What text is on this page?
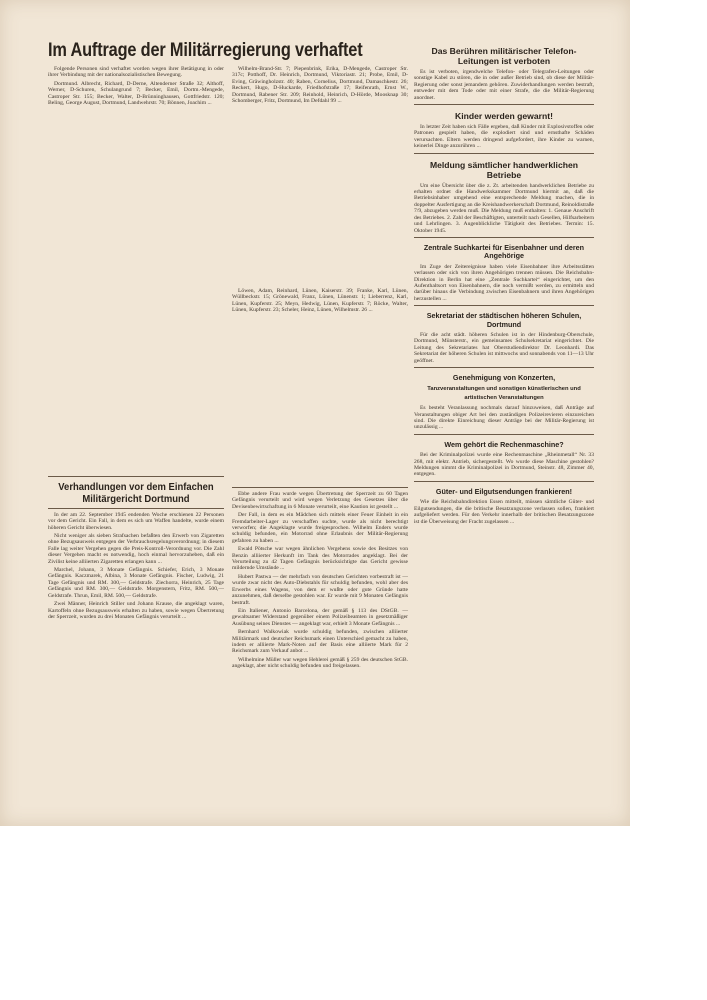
Im Auftrage der Militärregierung verhaftet

Folgende Personen sind verhaftet worden wegen ihrer Betätigung in oder ihrer Verbindung mit der nationalsozialistischen Bewegung.

Dortmund. Albrecht, Richard, D-Derne, Altenderner Straße 32; Althoff, Werner, D-Schuren, Schulangrund 7; Becker, Emil, Dortm.-Mengede, Castroper Str. 155; Becker, Walter, D-Brünninghausen, Gottfriedstr. 120; Beling, George August, Dortmund, Landwehrstr. 70; Bönnen, Joachim ...

Verhandlungen vor dem Einfachen Militärgericht Dortmund

In der am 22. September 1945 endenden Woche erschienen 22 Personen vor dem Gericht. Ein Fall, in dem es sich um Waffen handelte, wurde einem höheren Gericht überwiesen.

Nicht weniger als sieben Strafsachen befaßten den Erwerb von Zigaretten ohne Bezugsausweis entgegen der Verbrauchsregelungsverordnung; in diesem Falle lag weiter Vergehen gegen die Preis-Kontroll-Verordnung vor. Die Zahl dieser Vergehen macht es notwendig, hoch einmal hervorzuheben, daß ein Zivilist keine alliierten Zigaretten erlangen kann ...

Marchel, Johann, 3 Monate Gefängnis. Schiefer, Erich, 3 Monate Gefängnis. Kaczmarek, Albina, 3 Monate Gefängnis. Fischer, Ludwig, 21 Tage Gefängnis und RM. 300,— Geldstrafe. Ziechorra, Heinrich, 25 Tage Gefängnis und RM. 300,— Geldstrafe. Morgenstern, Fritz, RM. 500,— Geldstrafe. Thrun, Emil, RM. 500,— Geldstrafe.

Zwei Männer, Heinrich Stiller und Johann Krause, die angeklagt waren, Kartoffeln ohne Bezugsausweis erhalten zu haben, sowie wegen Übertretung der Sperrzeit, wurden zu drei Monaten Gefängnis verurteilt ...

Wilhelm-Brand-Str. 7; Piepenbrink, Erika, D-Mengede, Castroper Str. 317c; Potthoff, Dr. Heinrich, Dortmund, Viktoriastr. 21; Probe, Emil, D-Eving, Gräwingholzstr. 40; Raben, Cornelius, Dortmund, Damaschkestr. 26; Reckert, Hugo, D-Huckarde, Friedhofstraße 17; Reifenrath, Ernst W., Dortmund, Rabener Str. 209; Reinhold, Heinrich, D-Hörde, Moosknap 30; Schomberger, Fritz, Dortmund, Im Defdahl 99 ...

Löwen, Adam, Reinhard, Lünen, Kaiserstr. 39; Franke, Karl, Lünen, Wüllbeckstr. 15; Grönewald, Franz, Lünen, Lünenstr. 1; Lieberrenz, Karl, Lünen, Kupferstr. 25; Meyn, Hedwig, Lünen, Kupferstr. 7; Röcke, Walter, Lünen, Kupferstr. 23; Scheler, Heinz, Lünen, Wilhelmstr. 26 ...

Ebbe andere Frau wurde wegen Übertretung der Sperrzeit zu 60 Tagen Gefängnis verurteilt und wird wegen Verletzung des Gesetzes über die Devisenbewirtschaftung in 6 Monate verurteilt, eine Kaution ist gestellt ...

Der Fall, in dem es ein Mädchen sich mittels einer Feuer Einheit in ein Fremdarbeiter-Lager zu verschaffen suchte, wurde als nicht berechtigt verworfen; die Angeklagte wurde freigesprochen. Wilhelm Enders wurde schuldig befunden, ein Motorrad ohne Erlaubnis der Militär-Regierung gefahren zu haben ...

Ewald Pötsche war wegen ähnlichen Vergehens sowie des Besitzes von Benzin alliierter Herkunft im Tank des Motorrades angeklagt. Bei der Verurteilung zu 42 Tagen Gefängnis berücksichtigte das Gericht gewisse mildernde Umstände ...

Hubert Pastwa — der mehrfach von deutschen Gerichten vorbestraft ist — wurde zwar nicht des Auto-Diebstahls für schuldig befunden, wohl aber des Erwerbs eines Wagens, von dem er wußte oder gute Gründe hatte anzunehmen, daß derselbe gestohlen war. Er wurde mit 9 Monaten Gefängnis bestraft.

Ein Italiener, Antonio Barcelona, der gemäß § 113 des DStGB. — gewaltsamer Widerstand gegenüber einem Polizeibeamten in gesetzmäßiger Ausübung seines Dienstes — angeklagt war, erhielt 3 Monate Gefängnis ...

Bernhard Walkowiak wurde schuldig befunden, zwischen alliierter Militärmark und deutscher Reichsmark einen Unterschied gemacht zu haben, indem er alliierte Mark-Noten auf der Basis eine alliierte Mark für 2 Reichsmark zum Verkauf anbot ...

Wilhelmine Müller war wegen Hehlerei gemäß § 259 des deutschen StGB. angeklagt, aber nicht schuldig befunden und freigelassen.

Das Berühren militärischer Telefon-Leitungen ist verboten

Es ist verboten, irgendwelche Telefon- oder Telegrafen-Leitungen oder sonstige Kabel zu stören, die in oder außer Betrieb sind, ob diese der Militär-Regierung oder sonst jemandem gehören. Zuwiderhandlungen werden bestraft, entweder mit dem Tode oder mit einer Strafe, die die Militär-Regierung anordnet.

Kinder werden gewarnt!

In letzter Zeit haben sich Fälle ergeben, daß Kinder mit Explosivstoffen oder Patronen gespielt haben, die explodiert sind und ernsthafte Schäden verursachten. Eltern werden dringend aufgefordert, ihre Kinder zu warnen, keinerlei Dinge anzurühren ...

Meldung sämtlicher handwerklichen Betriebe

Um eine Übersicht über die z. Zt. arbeitenden handwerklichen Betriebe zu erhalten ordnet die Handwerkskammer Dortmund hiermit an, daß die Betriebsinhaber umgehend eine entsprechende Meldung machen, die in doppelter Ausfertigung an die Kreishandwerkerschaft Dortmund, Reinoldistraße 7/9, abzugeben werden muß. Die Meldung muß enthalten: 1. Genaue Anschrift des Betriebes. 2. Zahl der Beschäftigten, unterteilt nach Gesellen, Hilfsarbeitern und Lehrlingen. 3. Augenblickliche Tätigkeit des Betriebes. Termin: 15. Oktober 1945.

Zentrale Suchkartei für Eisenbahner und deren Angehörige

Im Zuge der Zeitereignisse haben viele Eisenbahner ihre Arbeitsstätten verlassen oder sich von ihren Angehörigen trennen müssen. Die Reichsbahn-Direktion in Berlin hat eine „Zentrale Suchkartei“ eingerichtet, um den Aufenthaltsort von Eisenbahnern, die noch vermißt werden, zu ermitteln und darüber hinaus die Verbindung zwischen Eisenbahnern und ihren Angehörigen herzustellen ...

Sekretariat der städtischen höheren Schulen, Dortmund

Für die acht städt. höheren Schulen ist in der Hindenburg-Oberschule, Dortmund, Münsterstr., ein gemeinsames Schulsekretariat eingerichtet. Die Leitung des Sekretariates hat Oberstudiendirektor Dr. Leonhardi. Das Sekretariat der höheren Schulen ist mittwochs und sonnabends von 11—13 Uhr geöffnet.

Genehmigung von Konzerten,
Tanzveranstaltungen und sonstigen künstlerischen und artistischen Veranstaltungen

Es besteht Veranlassung nochmals darauf hinzuweisen, daß Anträge auf Veranstaltungen obiger Art bei den zuständigen Polizeirevieren einzureichen sind. Die direkte Einreichung dieser Anträge bei der Militär-Regierung ist unzulässig ...

Wem gehört die Rechenmaschine?

Bei der Kriminalpolizei wurde eine Rechenmaschine „Rheinmetall“ Nr. 33 268, mit elektr. Antrieb, sichergestellt. Wo wurde diese Maschine gestohlen? Meldungen nimmt die Kriminalpolizei in Dortmund, Steinstr. 48, Zimmer 40, entgegen.

Güter- und Eilgutsendungen frankieren!

Wie die Reichsbahndirektion Essen mitteilt, müssen sämtliche Güter- und Eilgutsendungen, die die britische Besatzungszone verlassen sollen, frankiert aufgeliefert werden. Für den Verkehr innerhalb der britischen Besatzungszone ist die Überweisung der Fracht zugelassen ...
